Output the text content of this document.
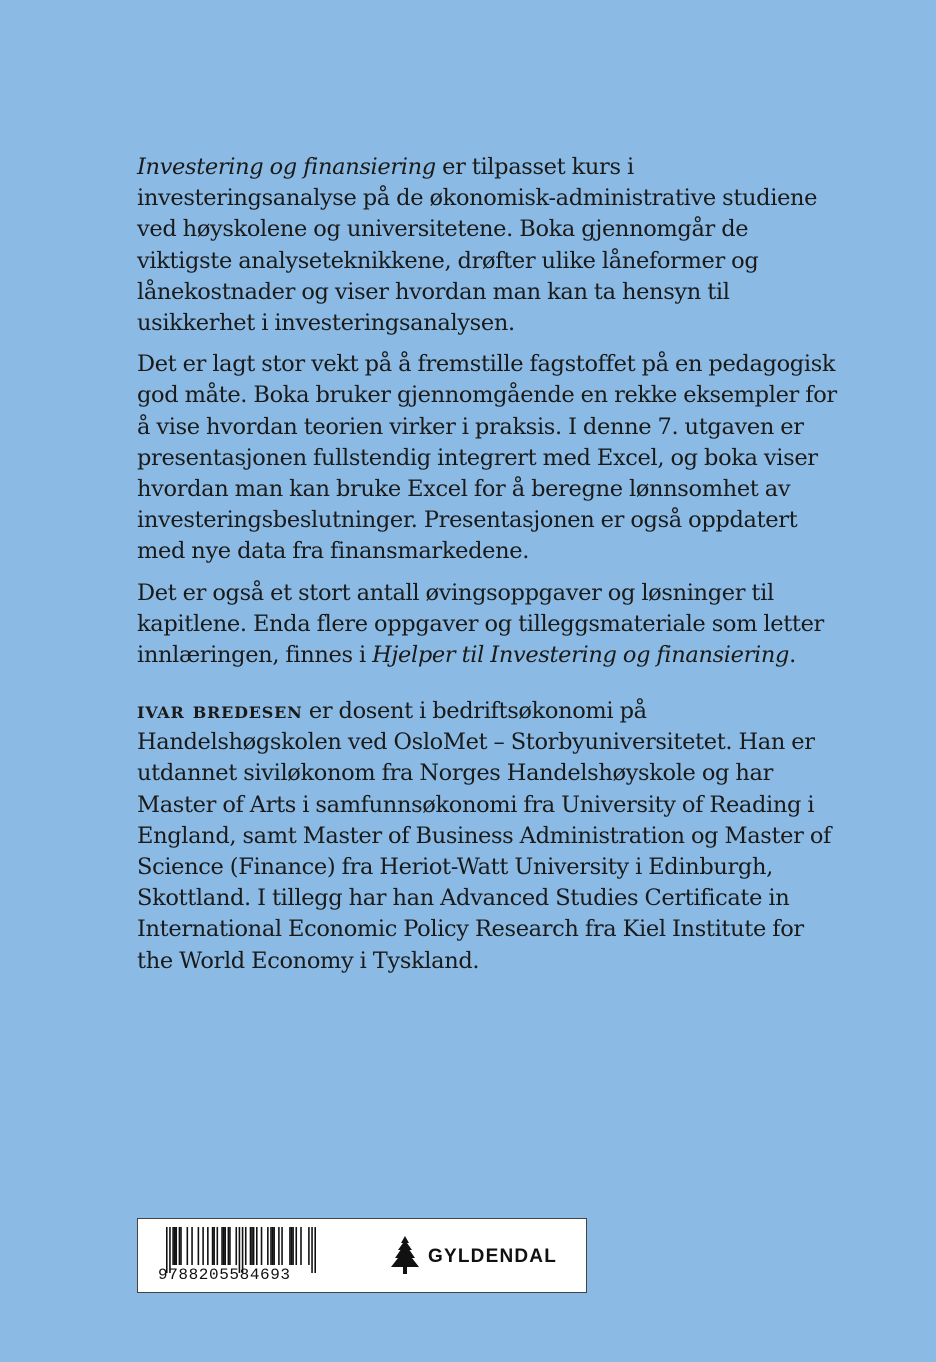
Investering og finansiering er tilpasset kurs i investeringsanalyse på de økonomisk-administrative studiene ved høyskolene og universitetene. Boka gjennomgår de viktigste analyseteknikkene, drøfter ulike låneformer og lånekostnader og viser hvordan man kan ta hensyn til usikkerhet i investeringsanalysen.

Det er lagt stor vekt på å fremstille fagstoffet på en pedagogisk god måte. Boka bruker gjennomgående en rekke eksempler for å vise hvordan teorien virker i praksis. I denne 7. utgaven er presentasjonen fullstendig integrert med Excel, og boka viser hvordan man kan bruke Excel for å beregne lønnsomhet av investeringsbeslutninger. Presentasjonen er også oppdatert med nye data fra finansmarkedene.

Det er også et stort antall øvingsoppgaver og løsninger til kapitlene. Enda flere oppgaver og tilleggsmateriale som letter innlæringen, finnes i Hjelper til Investering og finansiering.

ivar bredesen er dosent i bedriftsøkonomi på Handelshøgskolen ved OsloMet – Storbyuniversitetet. Han er utdannet siviløkonom fra Norges Handelshøyskole og har Master of Arts i samfunnsøkonomi fra University of Reading i England, samt Master of Business Administration og Master of Science (Finance) fra Heriot-Watt University i Edinburgh, Skottland. I tillegg har han Advanced Studies Certificate in International Economic Policy Research fra Kiel Institute for the World Economy i Tyskland.

9788205584693
GYLDENDAL
